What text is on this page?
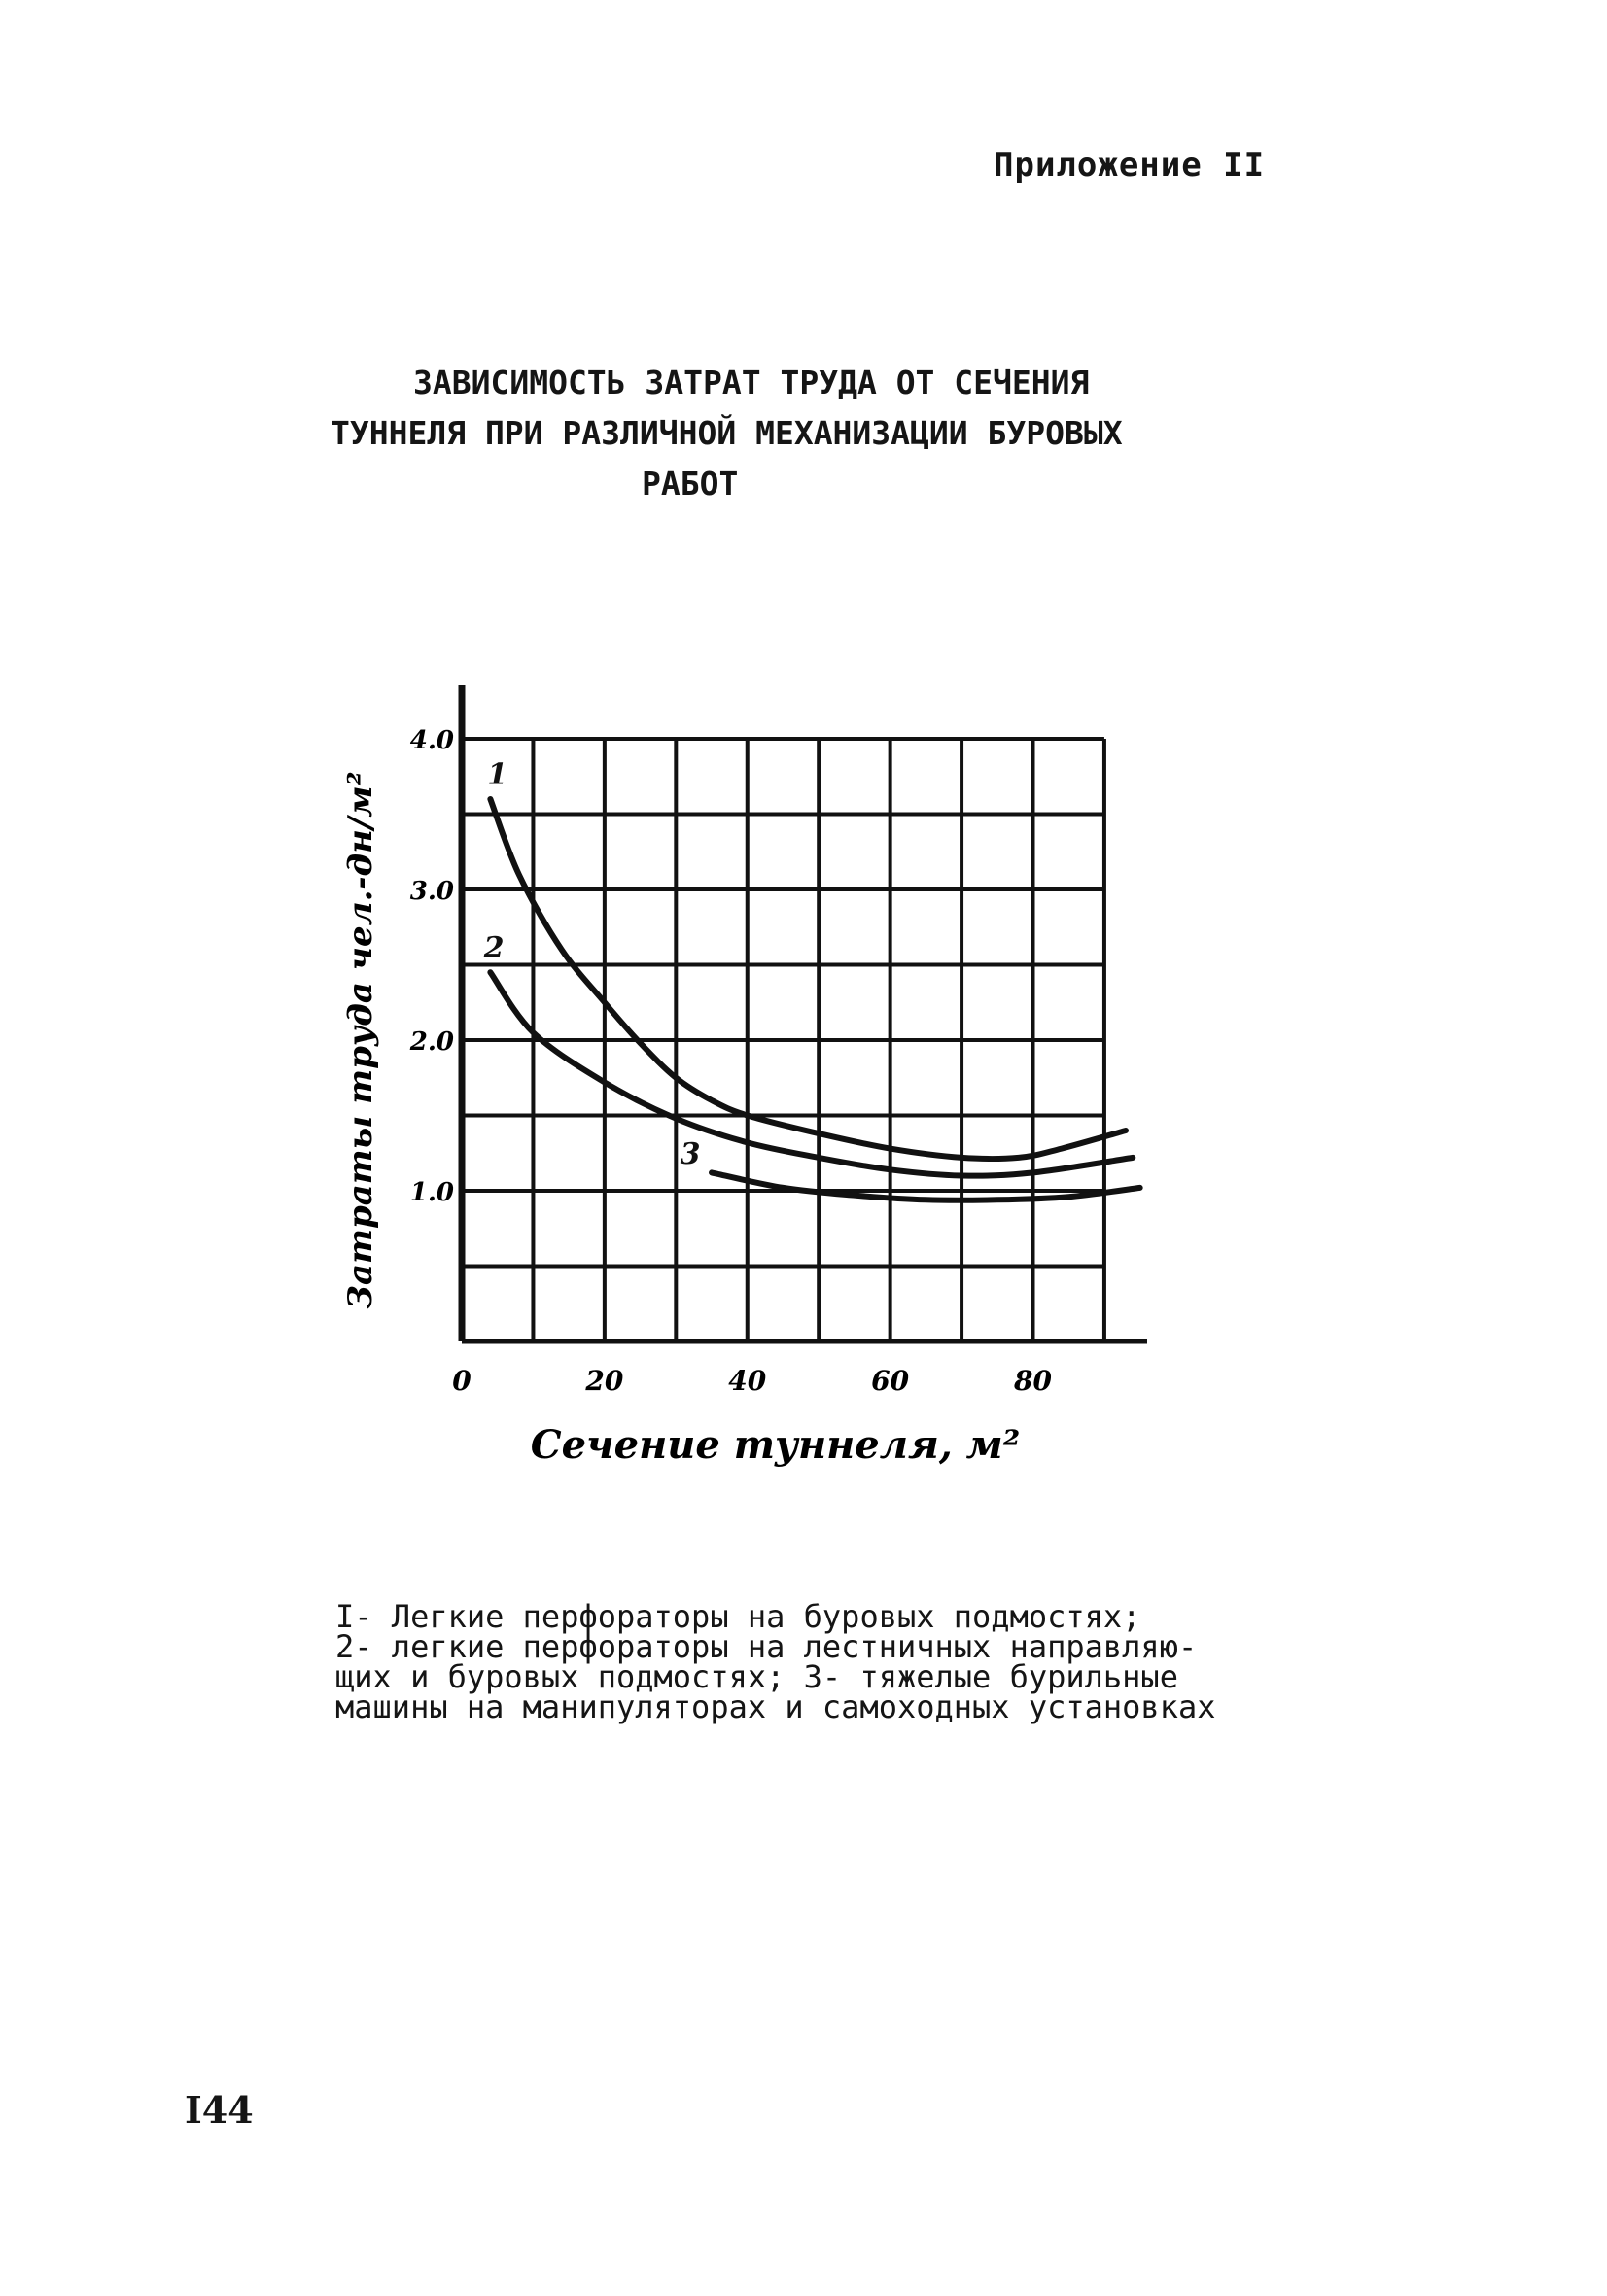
Приложение II
ЗАВИСИМОСТЬ ЗАТРАТ ТРУДА ОТ СЕЧЕНИЯ
ТУННЕЛЯ ПРИ РАЗЛИЧНОЙ МЕХАНИЗАЦИИ БУРОВЫХ
РАБОТ
0	20	40	60	80
1.0
2.0
3.0
4.0
1
2
3
Затраты труда чел.-дн/м²
Сечение туннеля, м²
I- Легкие перфораторы на буровых подмостях;
2- легкие перфораторы на лестничных направляю-
щих и буровых подмостях; 3- тяжелые бурильные
машины на манипуляторах и самоходных установках
I44
